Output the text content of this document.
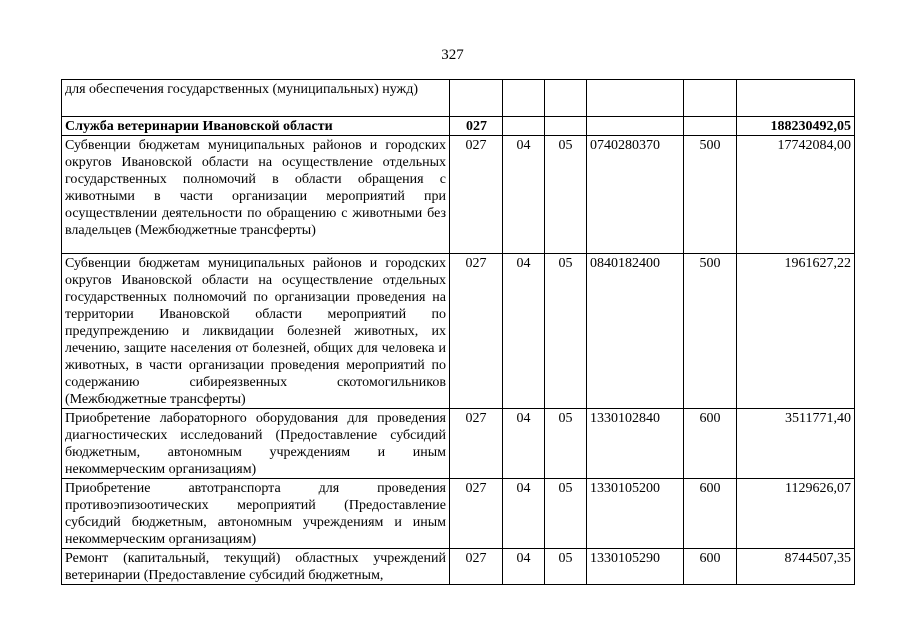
327
для обеспечения государственных (муниципальных) нужд)						
Служба ветеринарии Ивановской области	027					188230492,05
Субвенции бюджетам муниципальных районов и городских округов Ивановской области на осуществление отдельных государственных полномочий в области обращения с животными в части организации мероприятий при осуществлении деятельности по обращению с животными без владельцев (Межбюджетные трансферты)	027	04	05	0740280370	500	17742084,00
Субвенции бюджетам муниципальных районов и городских округов Ивановской области на осуществление отдельных государственных полномочий по организации проведения на территории Ивановской области мероприятий по предупреждению и ликвидации болезней животных, их лечению, защите населения от болезней, общих для человека и животных, в части организации проведения мероприятий по содержанию сибиреязвенных скотомогильников (Межбюджетные трансферты)	027	04	05	0840182400	500	1961627,22
Приобретение лабораторного оборудования для проведения диагностических исследований (Предоставление субсидий бюджетным, автономным учреждениям и иным некоммерческим организациям)	027	04	05	1330102840	600	3511771,40
Приобретение автотранспорта для проведения противоэпизоотических мероприятий (Предоставление субсидий бюджетным, автономным учреждениям и иным некоммерческим организациям)	027	04	05	1330105200	600	1129626,07
Ремонт (капитальный, текущий) областных учреждений ветеринарии (Предоставление субсидий бюджетным,	027	04	05	1330105290	600	8744507,35
